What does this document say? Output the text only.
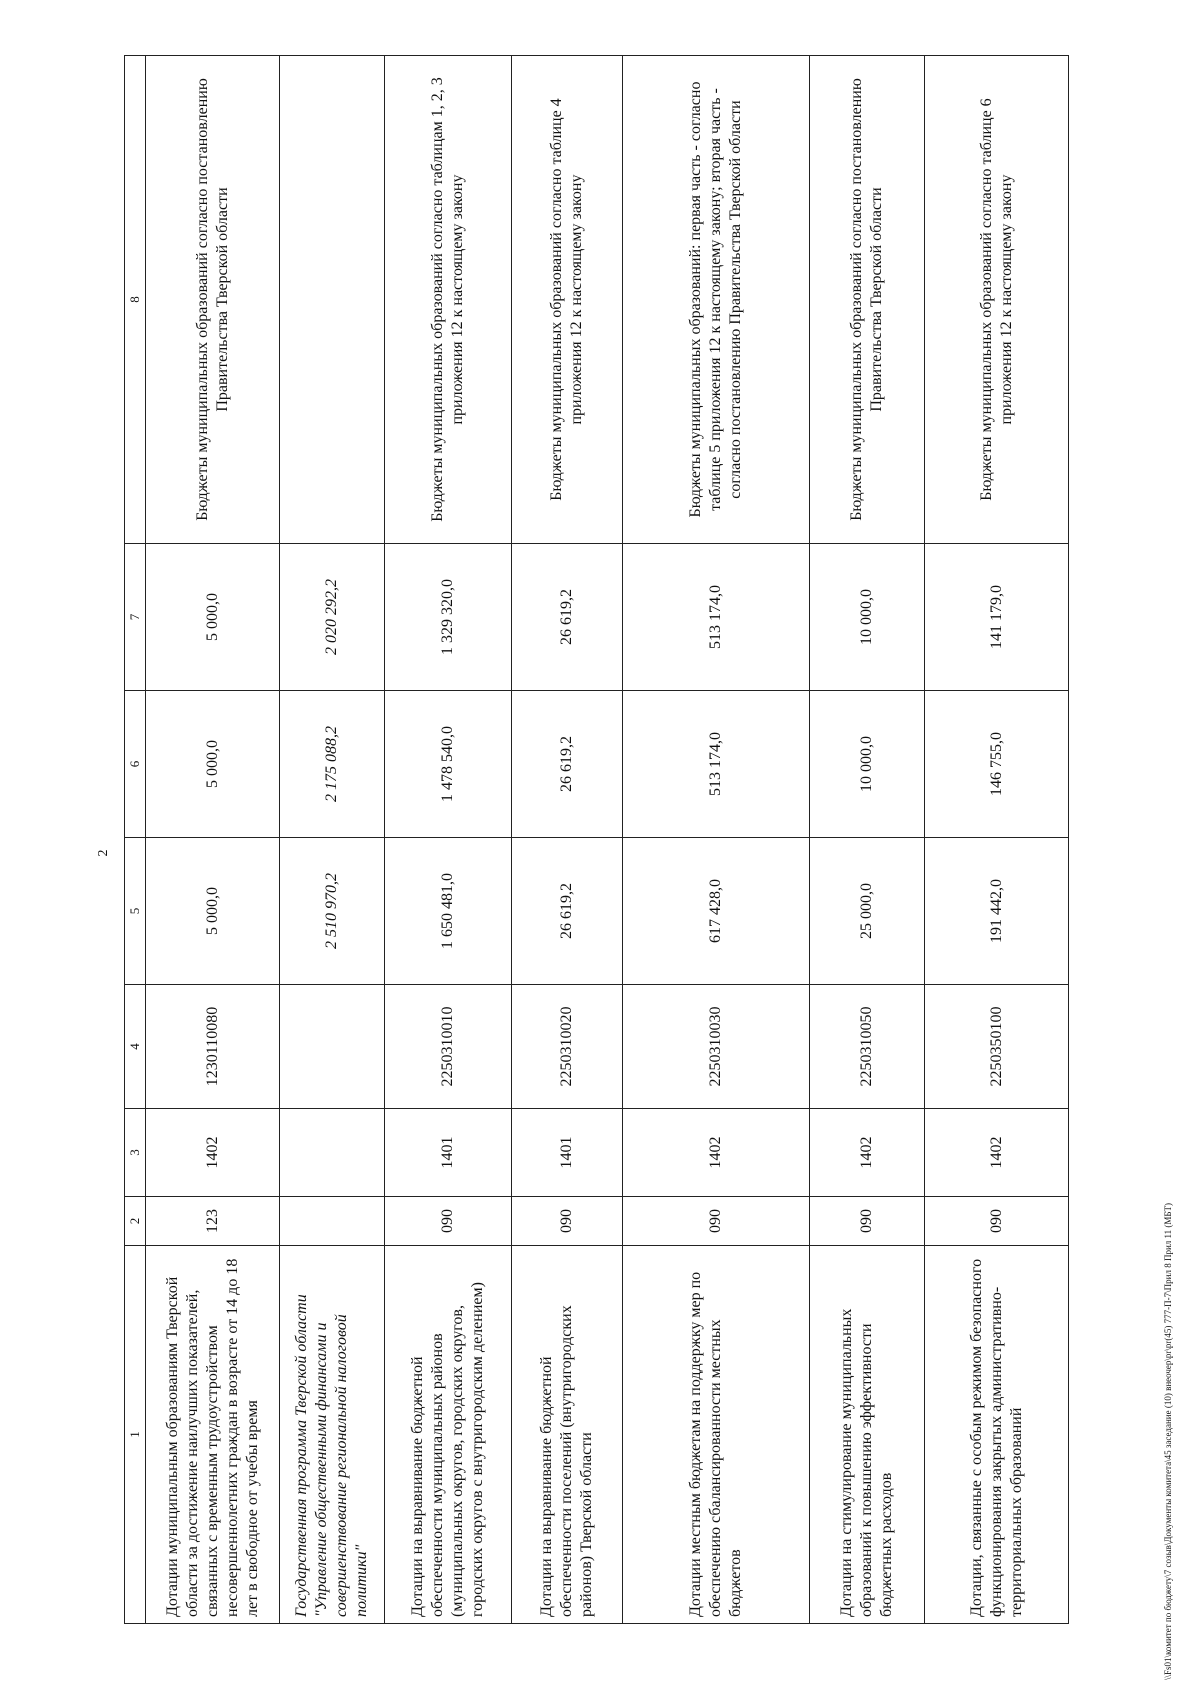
2
1	2	3	4	5	6	7	8
Дотации муниципальным образованиям Тверской области за достижение наилучших показателей, связанных с временным трудоустройством несовершеннолетних граждан в возрасте от 14 до 18 лет в свободное от учебы время	123	1402	1230110080	5 000,0	5 000,0	5 000,0	Бюджеты муниципальных образований согласно постановлению Правительства Тверской области
Государственная программа Тверской области "Управление общественными финансами и совершенствование региональной налоговой политики"				2 510 970,2	2 175 088,2	2 020 292,2	
Дотации на выравнивание бюджетной обеспеченности муниципальных районов (муниципальных округов, городских округов, городских округов с внутригородским делением)	090	1401	2250310010	1 650 481,0	1 478 540,0	1 329 320,0	Бюджеты муниципальных образований согласно таблицам 1, 2, 3 приложения 12 к настоящему закону
Дотации на выравнивание бюджетной обеспеченности поселений (внутригородских районов) Тверской области	090	1401	2250310020	26 619,2	26 619,2	26 619,2	Бюджеты муниципальных образований согласно таблице 4 приложения 12 к настоящему закону
Дотации местным бюджетам на поддержку мер по обеспечению сбалансированности местных бюджетов	090	1402	2250310030	617 428,0	513 174,0	513 174,0	Бюджеты муниципальных образований: первая часть - согласно таблице 5 приложения 12 к настоящему закону; вторая часть - согласно постановлению Правительства Тверской области
Дотации на стимулирование муниципальных образований к повышению эффективности бюджетных расходов	090	1402	2250310050	25 000,0	10 000,0	10 000,0	Бюджеты муниципальных образований согласно постановлению Правительства Тверской области
Дотации, связанные с особым режимом безопасного функционирования закрытых административно-территориальных образований	090	1402	2250350100	191 442,0	146 755,0	141 179,0	Бюджеты муниципальных образований согласно таблице 6 приложения 12 к настоящему закону
\\Fs01\комитет по бюджету\7 созыв\Документы комитета\45 заседание (10) внеочер\pr\pr(45) 777-П-7\Прил 8 Прил 11 (МБТ)
